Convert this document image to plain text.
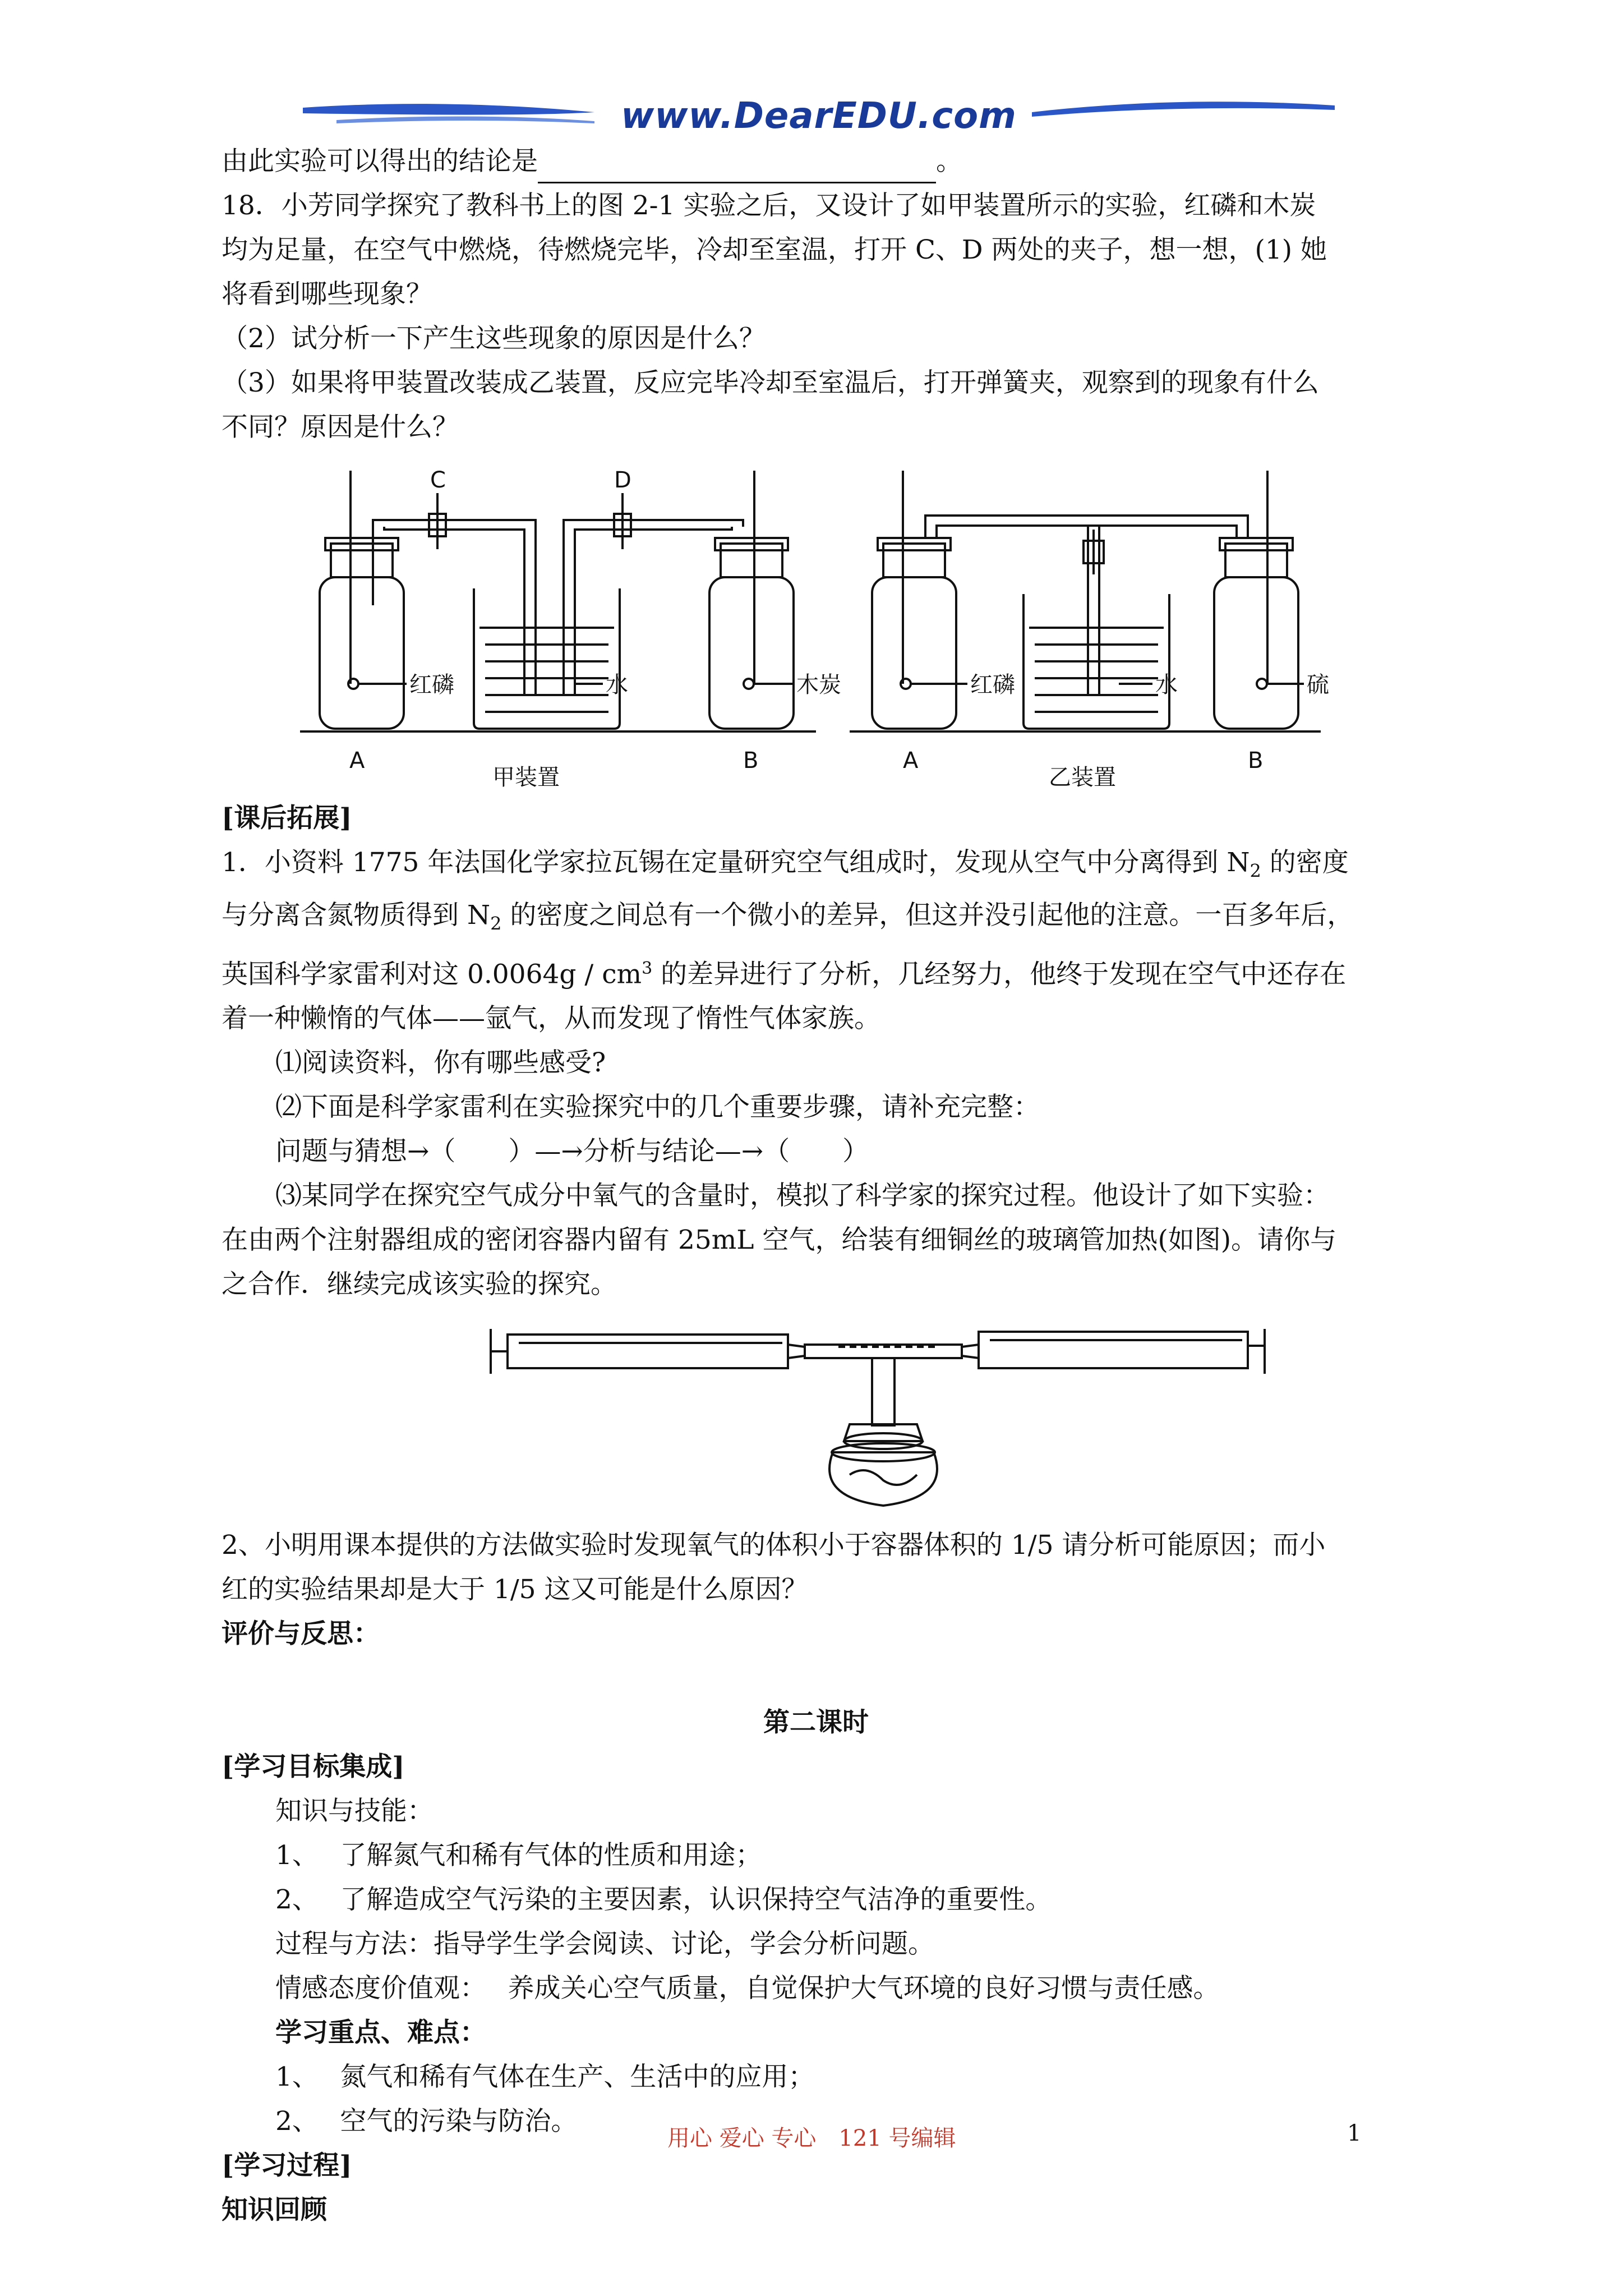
www.DearEDU.com

由此实验可以得出的结论是	。

18．小芳同学探究了教科书上的图 2-1 实验之后，又设计了如甲装置所示的实验，红磷和木炭

均为足量，在空气中燃烧，待燃烧完毕，冷却至室温，打开 C、D 两处的夹子，想一想，(1) 她

将看到哪些现象？

（2）试分析一下产生这些现象的原因是什么？

（3）如果将甲装置改装成乙装置，反应完毕冷却至室温后，打开弹簧夹，观察到的现象有什么

不同？原因是什么？

C	D
红磷	水	木炭
A	B
甲装置
红磷	水	硫
A	B
乙装置

[课后拓展]

1．小资料 1775 年法国化学家拉瓦锡在定量研究空气组成时，发现从空气中分离得到 $N_2$ 的密度

与分离含氮物质得到 $N_2$ 的密度之间总有一个微小的差异，但这并没引起他的注意。一百多年后，

英国科学家雷利对这 $0.0064g / cm^3$ 的差异进行了分析，几经努力，他终于发现在空气中还存在

着一种懒惰的气体——氩气，从而发现了惰性气体家族。

⑴阅读资料，你有哪些感受?

⑵下面是科学家雷利在实验探究中的几个重要步骤，请补充完整：

问题与猜想→（　　）—→分析与结论—→（　　）

⑶某同学在探究空气成分中氧气的含量时，模拟了科学家的探究过程。他设计了如下实验：

在由两个注射器组成的密闭容器内留有 25mL 空气，给装有细铜丝的玻璃管加热(如图)。请你与

之合作．继续完成该实验的探究。

2、小明用课本提供的方法做实验时发现氧气的体积小于容器体积的 1/5 请分析可能原因；而小

红的实验结果却是大于 1/5 这又可能是什么原因？

评价与反思：

第二课时

[学习目标集成]

知识与技能：

1、　 了解氮气和稀有气体的性质和用途；

2、　 了解造成空气污染的主要因素，认识保持空气洁净的重要性。

过程与方法：指导学生学会阅读、讨论，学会分析问题。

情感态度价值观：　 养成关心空气质量，自觉保护大气环境的良好习惯与责任感。

学习重点、难点：

1、　 氮气和稀有气体在生产、生活中的应用；

2、　 空气的污染与防治。

[学习过程]

知识回顾

用心 爱心 专心　121 号编辑	1
